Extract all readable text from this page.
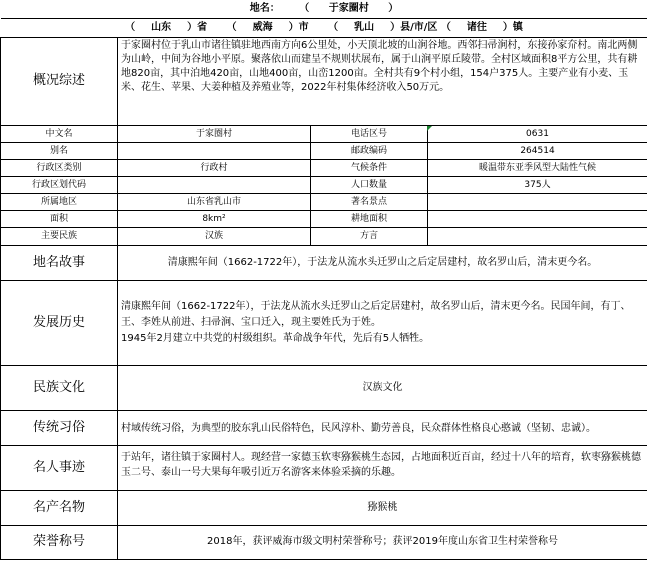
地名： （ 于家圈村 ）			
（ 山东 ）省 （ 威海 ）市 （ 乳山 ）县/市/区 （ 诸往 ）镇			
概况综述	于家圈村位于乳山市诸往镇驻地西南方向6公里处，小天顶北坡的山涧谷地。西邻扫帚涧村，东接孙家夼村。南北两侧为山岭，中间为谷地小平原。聚落依山而建呈不规则状展布，属于山涧平原丘陵带。全村区域面积8平方公里，共有耕地820亩，其中泊地420亩，山地400亩，山峦1200亩。全村共有9个村小组，154户375人。主要产业有小麦、玉米、花生、苹果、大姜种植及养殖业等，2022年村集体经济收入50万元。		
中文名	于家圈村	电话区号	0631
别名		邮政编码	264514
行政区类别	行政村	气候条件	暖温带东亚季风型大陆性气候
行政区划代码		人口数量	375人
所属地区	山东省乳山市	著名景点	
面积	8km²	耕地面积	
主要民族	汉族	方言	
地名故事	清康熙年间（1662-1722年），于法龙从流水头迁罗山之后定居建村，故名罗山后，清末更今名。		
发展历史	清康熙年间（1662-1722年），于法龙从流水头迁罗山之后定居建村，故名罗山后，清末更今名。民国年间，有丁、王、李姓从前进、扫帚涧、宝口迁入，现主要姓氏为于姓。
1945年2月建立中共党的村级组织。革命战争年代，先后有5人牺牲。		

民族文化	汉族文化		
传统习俗	村域传统习俗，为典型的胶东乳山民俗特色，民风淳朴、勤劳善良，民众群体性格良心憨诚（坚韧、忠诚）。		
名人事迹	于站年，诸往镇于家圈村人。现经营一家德玉软枣猕猴桃生态园，占地面积近百亩，经过十八年的培育，软枣猕猴桃德玉二号、泰山一号大果每年吸引近万名游客来体验采摘的乐趣。		
名产名物	猕猴桃		
荣誉称号	2018年，获评威海市级文明村荣誉称号；获评2019年度山东省卫生村荣誉称号		
